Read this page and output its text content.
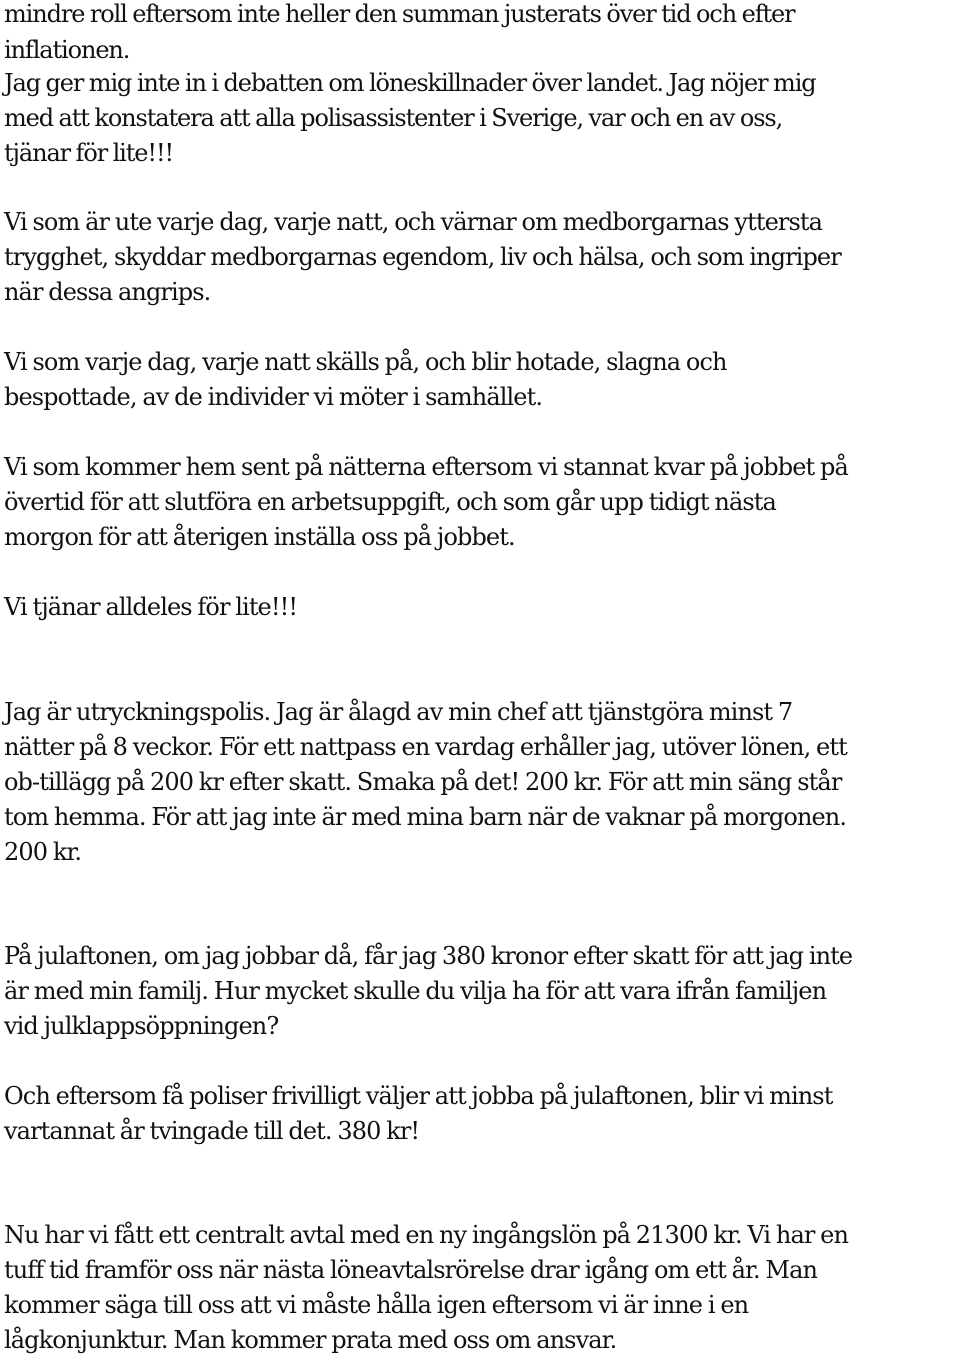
mindre roll eftersom inte heller den summan justerats över tid och efter
inflationen.
Jag ger mig inte in i debatten om löneskillnader över landet. Jag nöjer mig
med att konstatera att alla polisassistenter i Sverige, var och en av oss,
tjänar för lite!!!
Vi som är ute varje dag, varje natt, och värnar om medborgarnas yttersta
trygghet, skyddar medborgarnas egendom, liv och hälsa, och som ingriper
när dessa angrips.
Vi som varje dag, varje natt skälls på, och blir hotade, slagna och
bespottade, av de individer vi möter i samhället.
Vi som kommer hem sent på nätterna eftersom vi stannat kvar på jobbet på
övertid för att slutföra en arbetsuppgift, och som går upp tidigt nästa
morgon för att återigen inställa oss på jobbet.
Vi tjänar alldeles för lite!!!
Jag är utryckningspolis. Jag är ålagd av min chef att tjänstgöra minst 7
nätter på 8 veckor. För ett nattpass en vardag erhåller jag, utöver lönen, ett
ob-tillägg på 200 kr efter skatt. Smaka på det! 200 kr. För att min säng står
tom hemma. För att jag inte är med mina barn när de vaknar på morgonen.
200 kr.
På julaftonen, om jag jobbar då, får jag 380 kronor efter skatt för att jag inte
är med min familj. Hur mycket skulle du vilja ha för att vara ifrån familjen
vid julklappsöppningen?
Och eftersom få poliser frivilligt väljer att jobba på julaftonen, blir vi minst
vartannat år tvingade till det. 380 kr!
Nu har vi fått ett centralt avtal med en ny ingångslön på 21300 kr. Vi har en
tuff tid framför oss när nästa löneavtalsrörelse drar igång om ett år. Man
kommer säga till oss att vi måste hålla igen eftersom vi är inne i en
lågkonjunktur. Man kommer prata med oss om ansvar.
